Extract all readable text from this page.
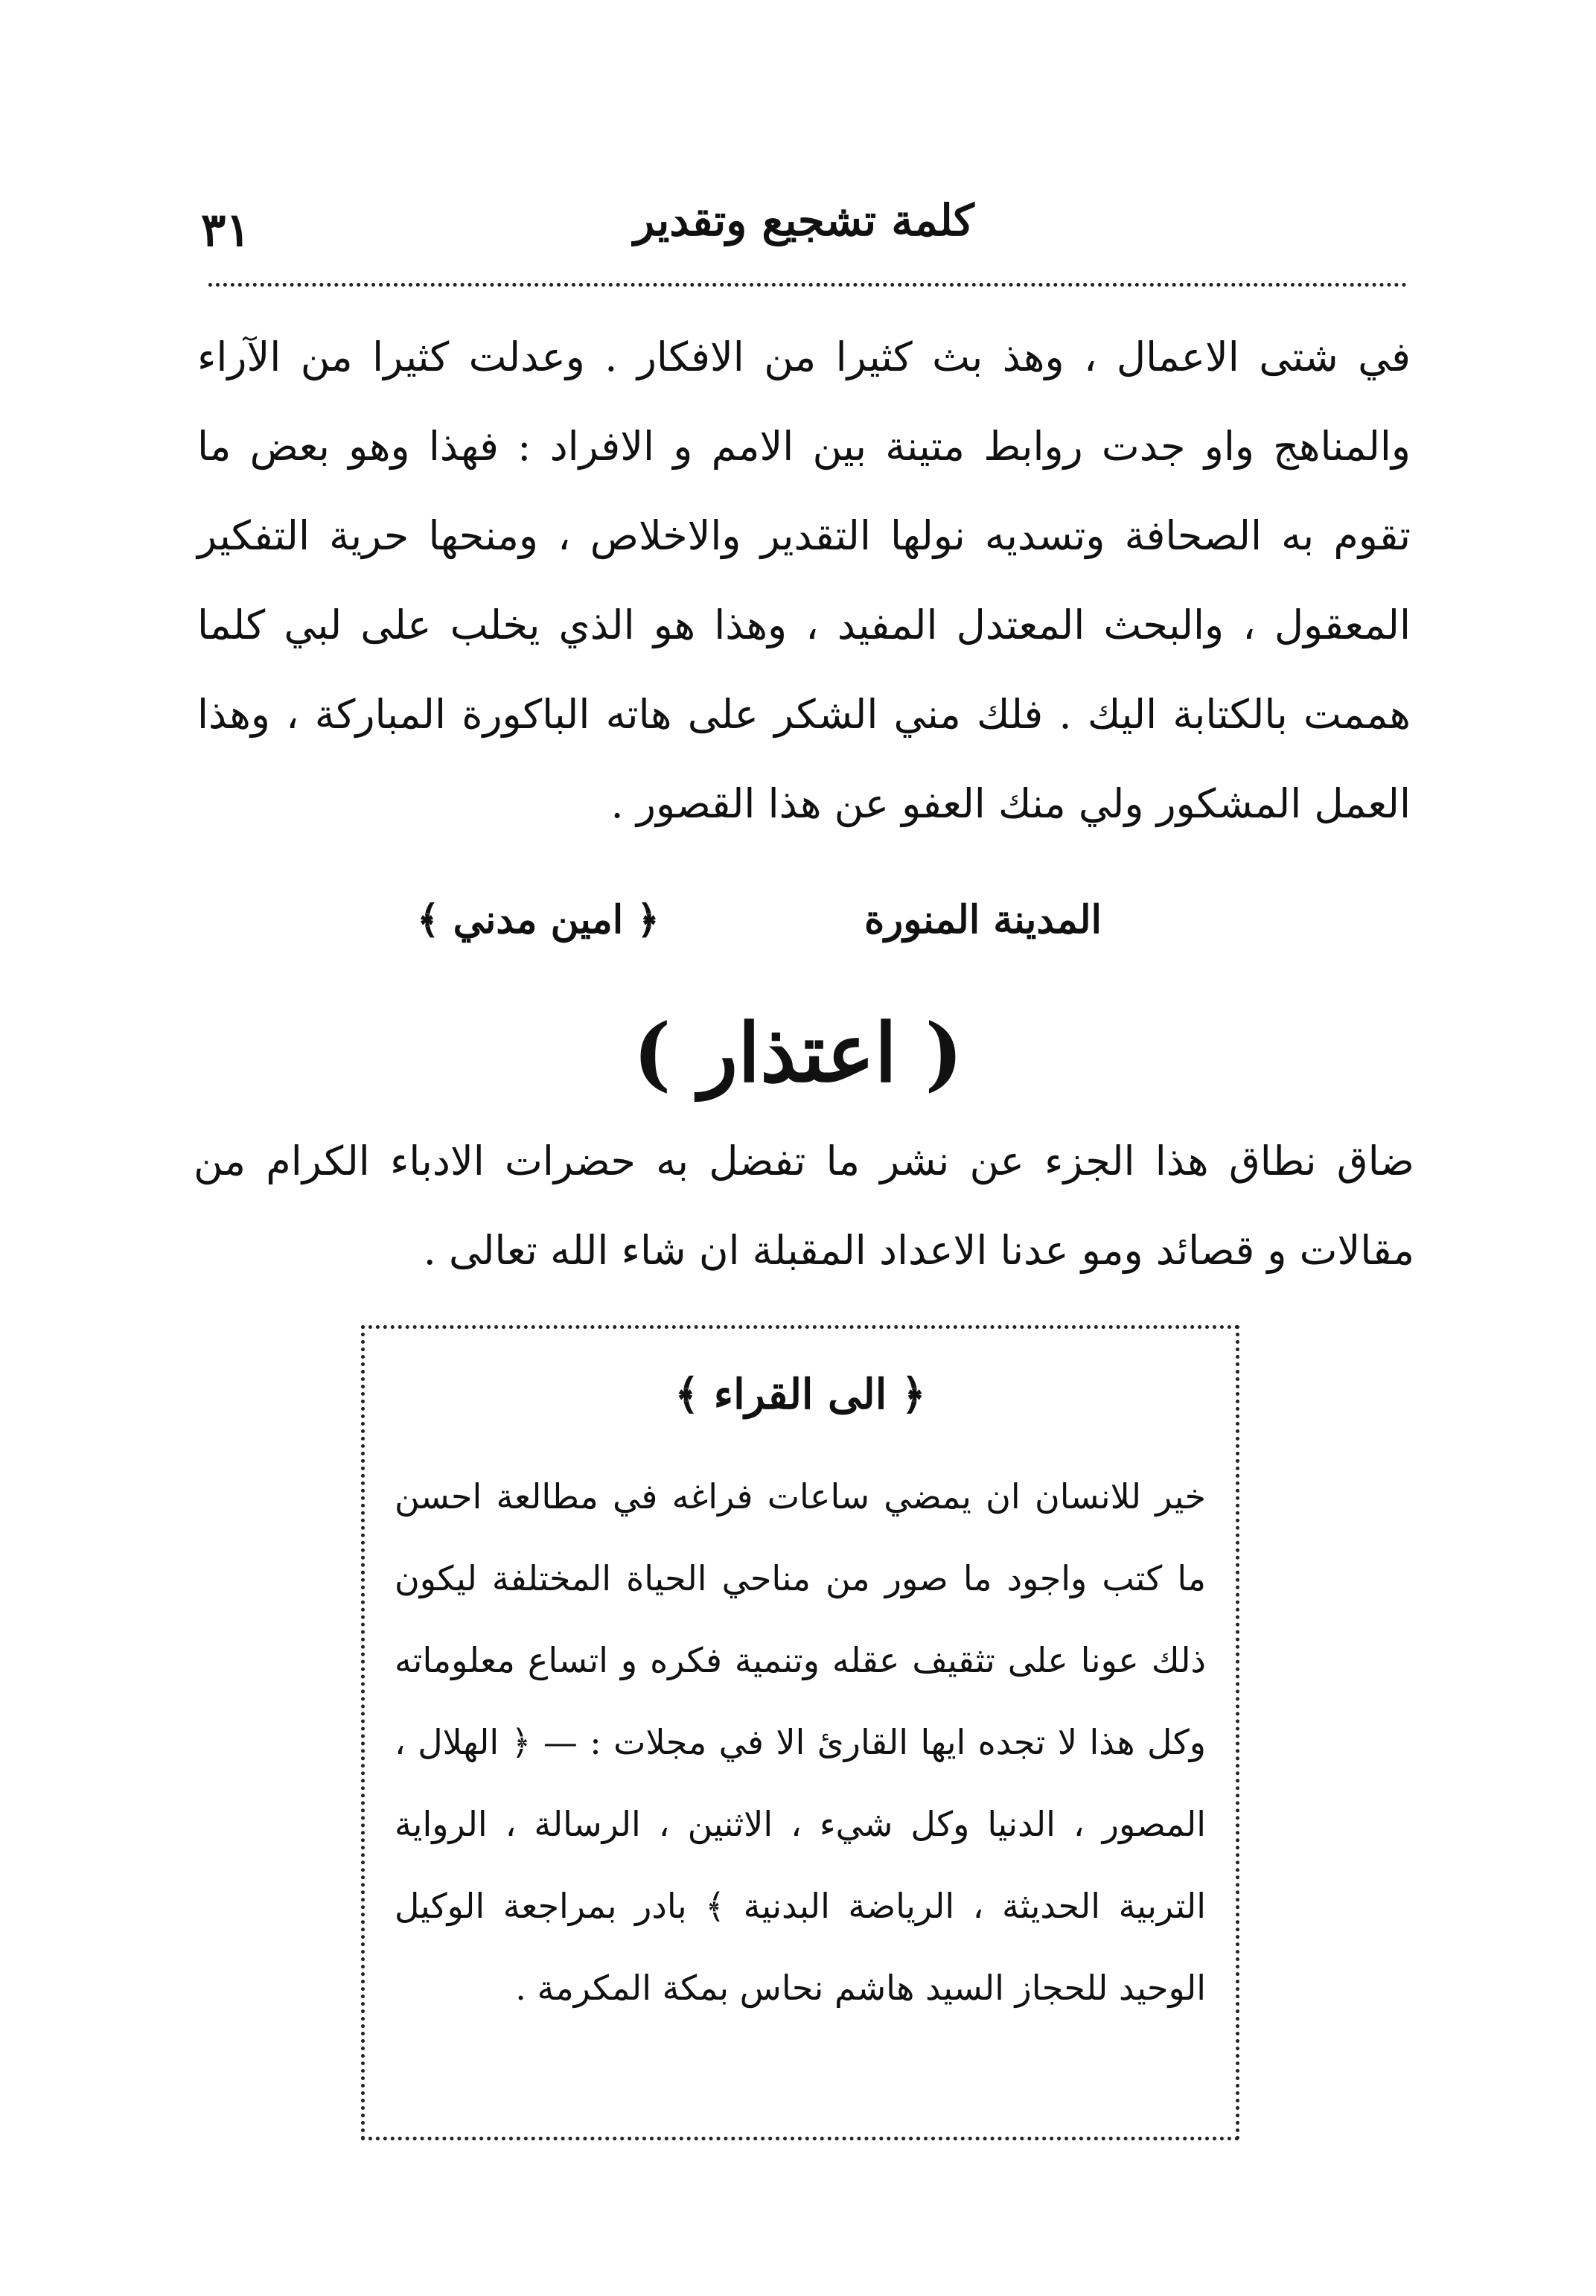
٣١	كلمة تشجيع وتقدير

في شتى الاعمال ، وهذ بث كثيرا من الافكار . وعدلت كثيرا من الآراء والمناهج واو جدت روابط متينة بين الامم و الافراد : فهذا وهو بعض ما تقوم به الصحافة وتسديه نولها التقدير والاخلاص ، ومنحها حرية التفكير المعقول ، والبحث المعتدل المفيد ، وهذا هو الذي يخلب على لبي كلما هممت بالكتابة اليك . فلك مني الشكر على هاته الباكورة المباركة ، وهذا العمل المشكور ولي منك العفو عن هذا القصور .

المدينة المنورة
﴿ امين مدني ﴾
( اعتذار )

ضاق نطاق هذا الجزء عن نشر ما تفضل به حضرات الادباء الكرام من مقالات و قصائد ومو عدنا الاعداد المقبلة ان شاء الله تعالى .

﴿ الى القراء ﴾

خير للانسان ان يمضي ساعات فراغه في مطالعة احسن ما كتب واجود ما صور من مناحي الحياة المختلفة ليكون ذلك عونا على تثقيف عقله وتنمية فكره و اتساع معلوماته وكل هذا لا تجده ايها القارئ الا في مجلات : — ﴿ الهلال ، المصور ، الدنيا وكل شيء ، الاثنين ، الرسالة ، الرواية التربية الحديثة ، الرياضة البدنية ﴾ بادر بمراجعة الوكيل الوحيد للحجاز السيد هاشم نحاس بمكة المكرمة .
